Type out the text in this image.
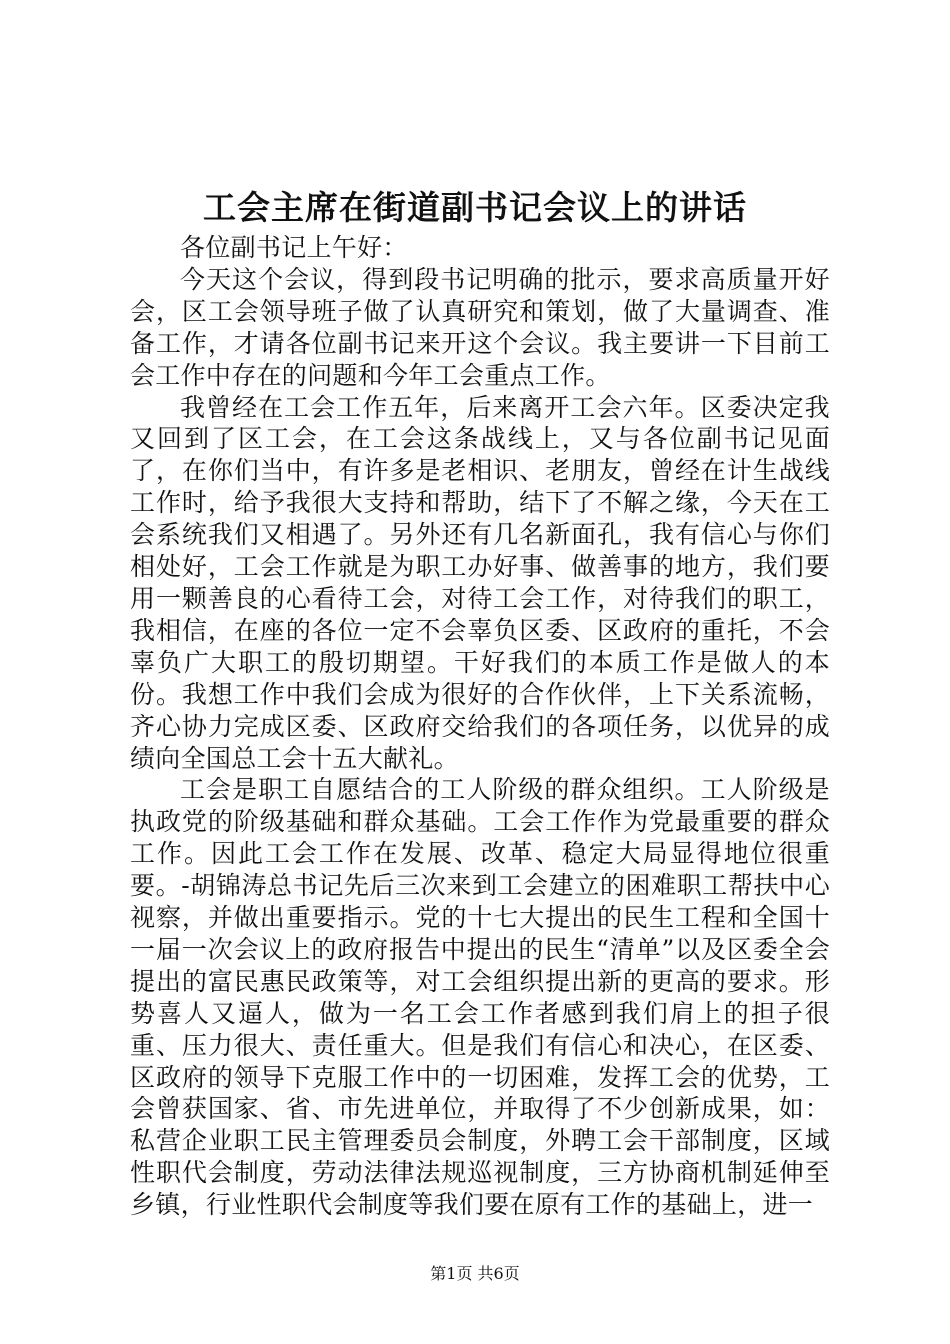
工会主席在街道副书记会议上的讲话

各位副书记上午好：

今天这个会议，得到段书记明确的批示，要求高质量开好会，区工会领导班子做了认真研究和策划，做了大量调查、准备工作，才请各位副书记来开这个会议。我主要讲一下目前工会工作中存在的问题和今年工会重点工作。

我曾经在工会工作五年，后来离开工会六年。区委决定我又回到了区工会，在工会这条战线上，又与各位副书记见面了，在你们当中，有许多是老相识、老朋友，曾经在计生战线工作时，给予我很大支持和帮助，结下了不解之缘，今天在工会系统我们又相遇了。另外还有几名新面孔，我有信心与你们相处好，工会工作就是为职工办好事、做善事的地方，我们要用一颗善良的心看待工会，对待工会工作，对待我们的职工，我相信，在座的各位一定不会辜负区委、区政府的重托，不会辜负广大职工的殷切期望。干好我们的本质工作是做人的本份。我想工作中我们会成为很好的合作伙伴，上下关系流畅，齐心协力完成区委、区政府交给我们的各项任务，以优异的成绩向全国总工会十五大献礼。

工会是职工自愿结合的工人阶级的群众组织。工人阶级是执政党的阶级基础和群众基础。工会工作作为党最重要的群众工作。因此工会工作在发展、改革、稳定大局显得地位很重要。-胡锦涛总书记先后三次来到工会建立的困难职工帮扶中心视察，并做出重要指示。党的十七大提出的民生工程和全国十一届一次会议上的政府报告中提出的民生“清单”以及区委全会提出的富民惠民政策等，对工会组织提出新的更高的要求。形势喜人又逼人，做为一名工会工作者感到我们肩上的担子很重、压力很大、责任重大。但是我们有信心和决心，在区委、区政府的领导下克服工作中的一切困难，发挥工会的优势，工会曾获国家、省、市先进单位，并取得了不少创新成果，如：私营企业职工民主管理委员会制度，外聘工会干部制度，区域性职代会制度，劳动法律法规巡视制度，三方协商机制延伸至乡镇，行业性职代会制度等我们要在原有工作的基础上，进一

第1页 共6页
